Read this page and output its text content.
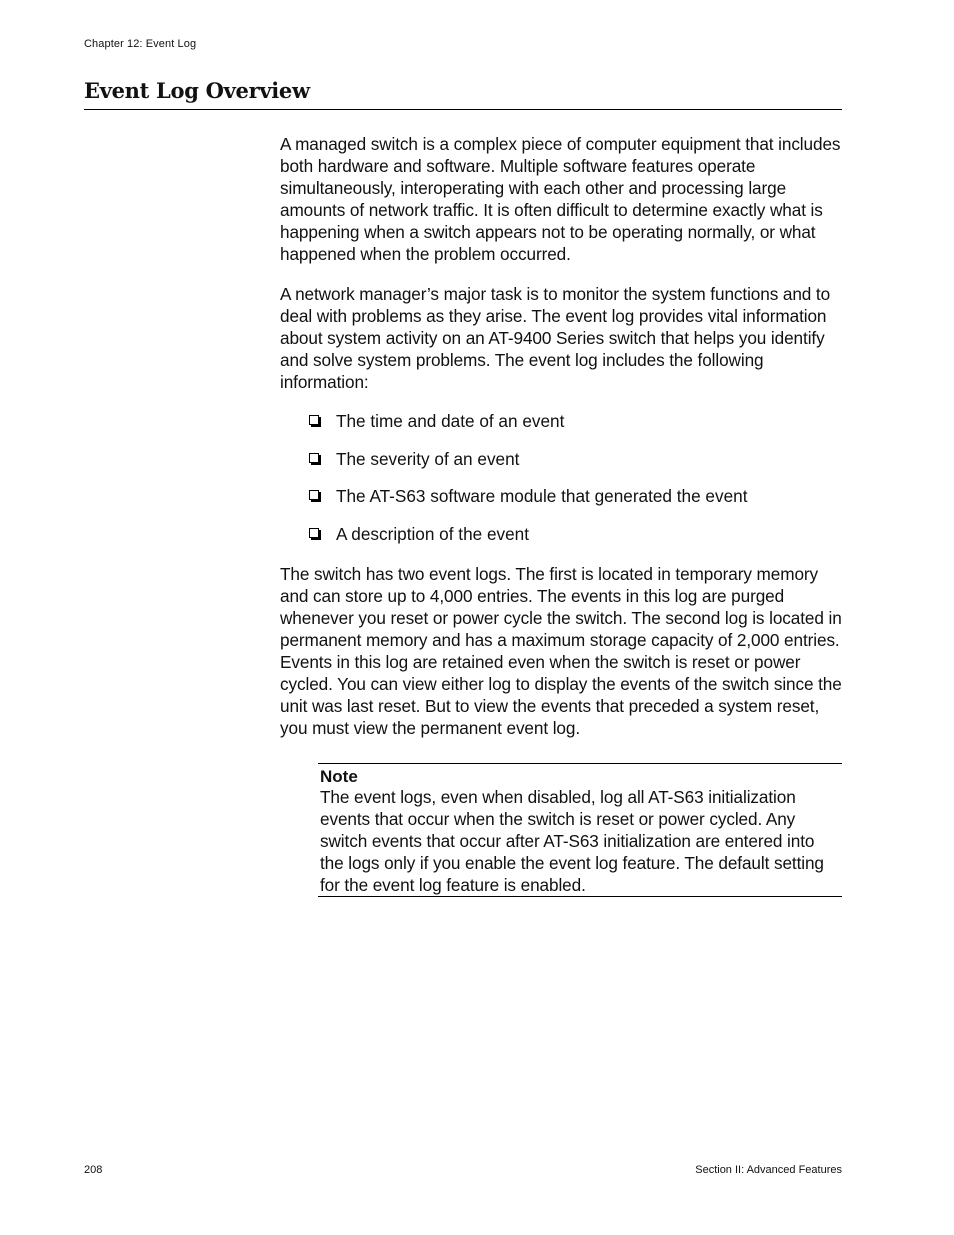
Chapter 12: Event Log
Event Log Overview

A managed switch is a complex piece of computer equipment that includes both hardware and software. Multiple software features operate simultaneously, interoperating with each other and processing large amounts of network traffic. It is often difficult to determine exactly what is happening when a switch appears not to be operating normally, or what happened when the problem occurred.

A network manager’s major task is to monitor the system functions and to deal with problems as they arise. The event log provides vital information about system activity on an AT-9400 Series switch that helps you identify and solve system problems. The event log includes the following information:

The time and date of an event
The severity of an event
The AT-S63 software module that generated the event
A description of the event

The switch has two event logs. The first is located in temporary memory and can store up to 4,000 entries. The events in this log are purged whenever you reset or power cycle the switch. The second log is located in permanent memory and has a maximum storage capacity of 2,000 entries. Events in this log are retained even when the switch is reset or power cycled. You can view either log to display the events of the switch since the unit was last reset. But to view the events that preceded a system reset, you must view the permanent event log.

Note

The event logs, even when disabled, log all AT-S63 initialization events that occur when the switch is reset or power cycled. Any switch events that occur after AT-S63 initialization are entered into the logs only if you enable the event log feature. The default setting for the event log feature is enabled.

208	Section II: Advanced Features
